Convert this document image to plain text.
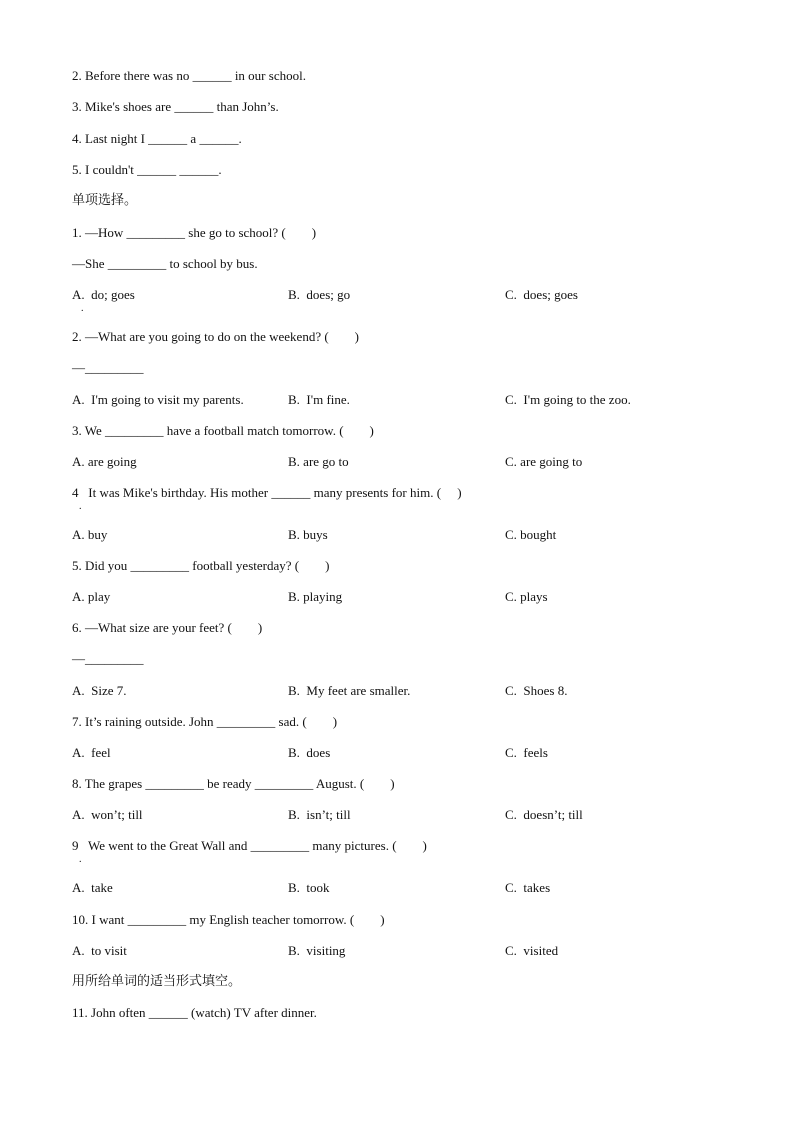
2. Before there was no ______ in our school.
3. Mike's shoes are ______ than John’s.
4. Last night I ______ a ______.
5. I couldn't ______ ______.
单项选择。
1. —How _________ she go to school? (        )
—She _________ to school by bus.
A.  do; goes	B.  does; go	C.  does; goes
.
2. —What are you going to do on the weekend? (        )
—_________
A.  I'm going to visit my parents.	B.  I'm fine.	C.  I'm going to the zoo.
3. We _________ have a football match tomorrow. (        )
A. are going	B. are go to	C. are going to
4   It was Mike's birthday. His mother ______ many presents for him. (     )
.
A. buy	B. buys	C. bought
5. Did you _________ football yesterday? (        )
A. play	B. playing	C. plays
6. —What size are your feet? (        )
—_________
A.  Size 7.	B.  My feet are smaller.	C.  Shoes 8.
7. It’s raining outside. John _________ sad. (        )
A.  feel	B.  does	C.  feels
8. The grapes _________ be ready _________ August. (        )
A.  won’t; till	B.  isn’t; till	C.  doesn’t; till
9   We went to the Great Wall and _________ many pictures. (        )
.
A.  take	B.  took	C.  takes
10. I want _________ my English teacher tomorrow. (        )
A.  to visit	B.  visiting	C.  visited
用所给单词的适当形式填空。
11. John often ______ (watch) TV after dinner.
